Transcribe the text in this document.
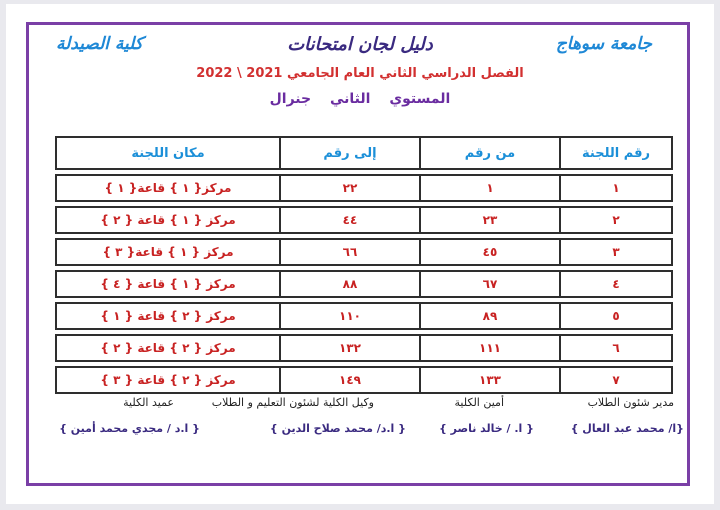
جامعة سوهاج
دليل لجان امتحانات
كلية الصيدلة
الفصل الدراسي الثاني العام الجامعي 2021 \ 2022
المستوي الثاني جنرال
رقم اللجنة	من رقم	إلى رقم	مكان اللجنة
١	١	٢٢	مركز{ ١ } قاعة{ ١ }
٢	٢٣	٤٤	مركز { ١ } قاعة { ٢ }
٣	٤٥	٦٦	مركز { ١ } قاعة{ ٣ }
٤	٦٧	٨٨	مركز { ١ } قاعة { ٤ }
٥	٨٩	١١٠	مركز { ٢ } قاعة { ١ }
٦	١١١	١٣٢	مركز { ٢ } قاعة { ٢ }
٧	١٣٣	١٤٩	مركز { ٢ } قاعة { ٣ }
مدير شئون الطلاب
أمين الكلية
وكيل الكلية لشئون التعليم و الطلاب
عميد الكلية
{ا/ محمد عبد العال }
{ ا. / خالد ناصر }
{ ا.د/ محمد صلاح الدين }
{ ا.د / مجدي محمد أمين }
